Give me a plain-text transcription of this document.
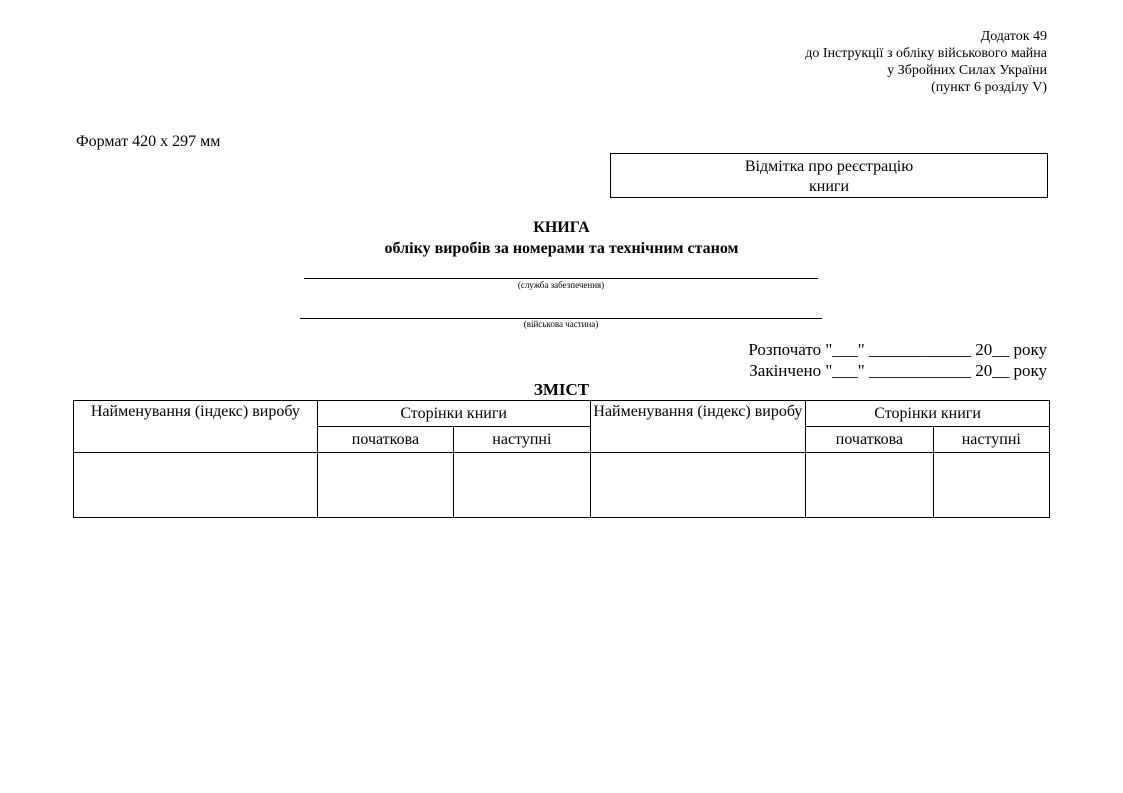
Додаток 49
до Інструкції з обліку військового майна
у Збройних Силах України
(пункт 6 розділу V)
Формат 420 х 297 мм
Відмітка про реєстрацію
книги
КНИГА
обліку виробів за номерами та технічним станом
(служба забезпечення)
(військова частина)
Розпочато "___" ____________ 20__ року
Закінчено "___" ____________ 20__ року
ЗМІСТ
Найменування (індекс) виробу	Сторінки книги		Найменування (індекс) виробу	Сторінки книги	
	початкова	наступні		початкова	наступні
